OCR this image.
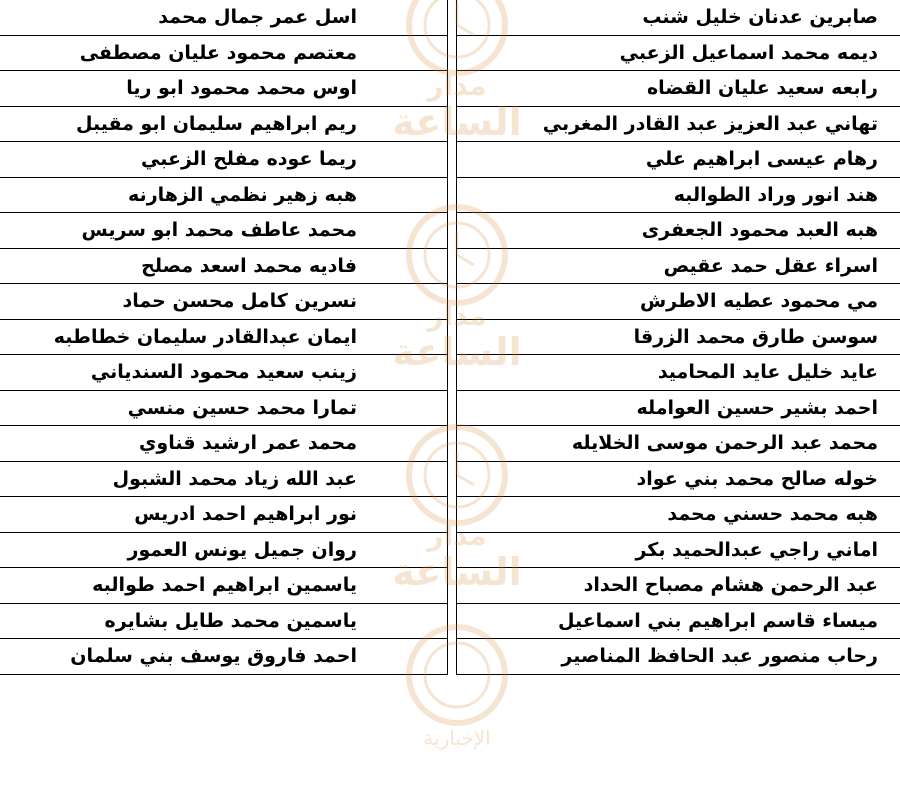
صابرين عدنان خليل شنب
ديمه محمد اسماعيل الزعبي
رابعه سعيد عليان القضاه
تهاني عبد العزيز عبد القادر المغربي
رهام عيسى ابراهيم علي
هند انور وراد الطوالبه
هبه العبد محمود الجعفرى
اسراء عقل حمد عقيص
مي محمود عطيه الاطرش
سوسن طارق محمد الزرقا
عايد خليل عايد المحاميد
احمد بشير حسين العوامله
محمد عبد الرحمن موسى الخلايله
خوله صالح محمد بني عواد
هبه محمد حسني محمد
اماني راجي عبدالحميد بكر
عبد الرحمن هشام مصباح الحداد
ميساء قاسم ابراهيم بني اسماعيل
رحاب منصور عبد الحافظ المناصير
اسل عمر جمال محمد
معتصم محمود عليان مصطفى
اوس محمد محمود ابو ريا
ريم ابراهيم سليمان ابو مقيبل
ريما عوده مفلح الزعبي
هبه زهير نظمي الزهارنه
محمد عاطف محمد ابو سريس
فاديه محمد اسعد مصلح
نسرين كامل محسن حماد
ايمان عبدالقادر سليمان خطاطبه
زينب سعيد محمود السندياني
تمارا محمد حسين منسي
محمد عمر ارشيد قناوي
عبد الله زياد محمد الشبول
نور ابراهيم احمد ادريس
روان جميل يونس العمور
ياسمين ابراهيم احمد طوالبه
ياسمين محمد طايل بشايره
احمد فاروق يوسف بني سلمان
مدار
الساعة
مدار
الساعة
مدار
الساعة
الإخبارية
